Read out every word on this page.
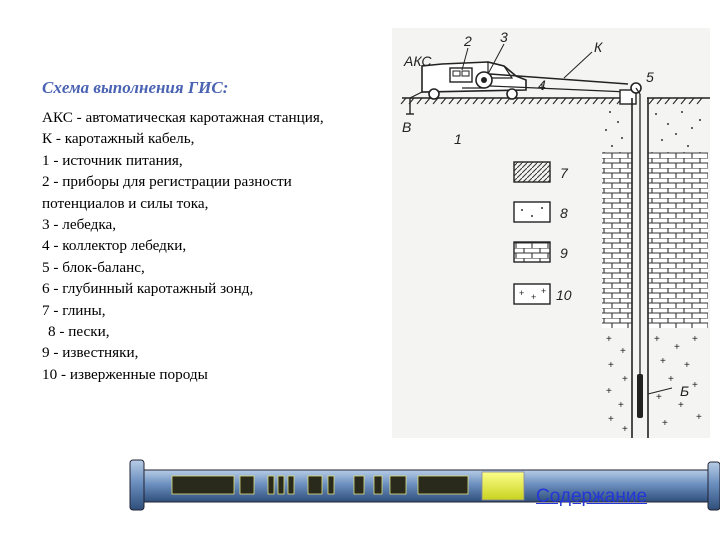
Схема выполнения ГИС:
АКС - автоматическая каротажная станция,
К - каротажный кабель,
1 - источник питания,
2 - приборы для регистрации разности
потенциалов и силы тока,
3 - лебедка,
4 - коллектор лебедки,
5 - блок-баланс,
6 - глубинный каротажный зонд,
7 - глины,
8 - пески,
9 - известняки,
10 - изверженные породы
+
+
+
+
+
+
+
+
+
+
+
+ +
+
+
+
+
+
+
+ +
+
АКС
2 3
К
5
4
В
1
Б
7
8
9
10
Содержание
